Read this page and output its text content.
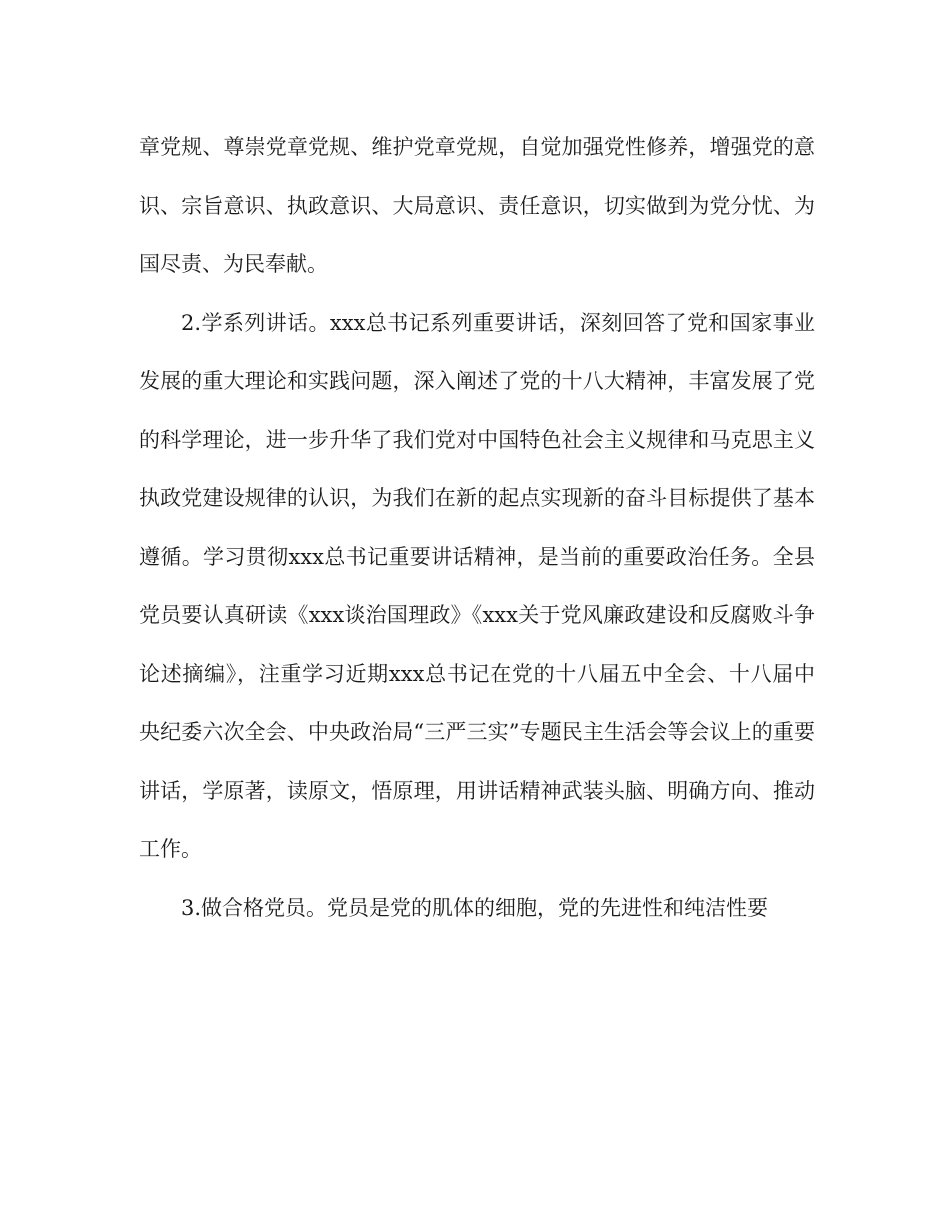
章党规、尊崇党章党规、维护党章党规，自觉加强党性修养，增强党的意识、宗旨意识、执政意识、大局意识、责任意识，切实做到为党分忧、为国尽责、为民奉献。

2.学系列讲话。xxx总书记系列重要讲话，深刻回答了党和国家事业发展的重大理论和实践问题，深入阐述了党的十八大精神，丰富发展了党的科学理论，进一步升华了我们党对中国特色社会主义规律和马克思主义执政党建设规律的认识，为我们在新的起点实现新的奋斗目标提供了基本遵循。学习贯彻xxx总书记重要讲话精神，是当前的重要政治任务。全县党员要认真研读《xxx谈治国理政》《xxx关于党风廉政建设和反腐败斗争论述摘编》，注重学习近期xxx总书记在党的十八届五中全会、十八届中央纪委六次全会、中央政治局“三严三实”专题民主生活会等会议上的重要讲话，学原著，读原文，悟原理，用讲话精神武装头脑、明确方向、推动工作。

3.做合格党员。党员是党的肌体的细胞，党的先进性和纯洁性要
